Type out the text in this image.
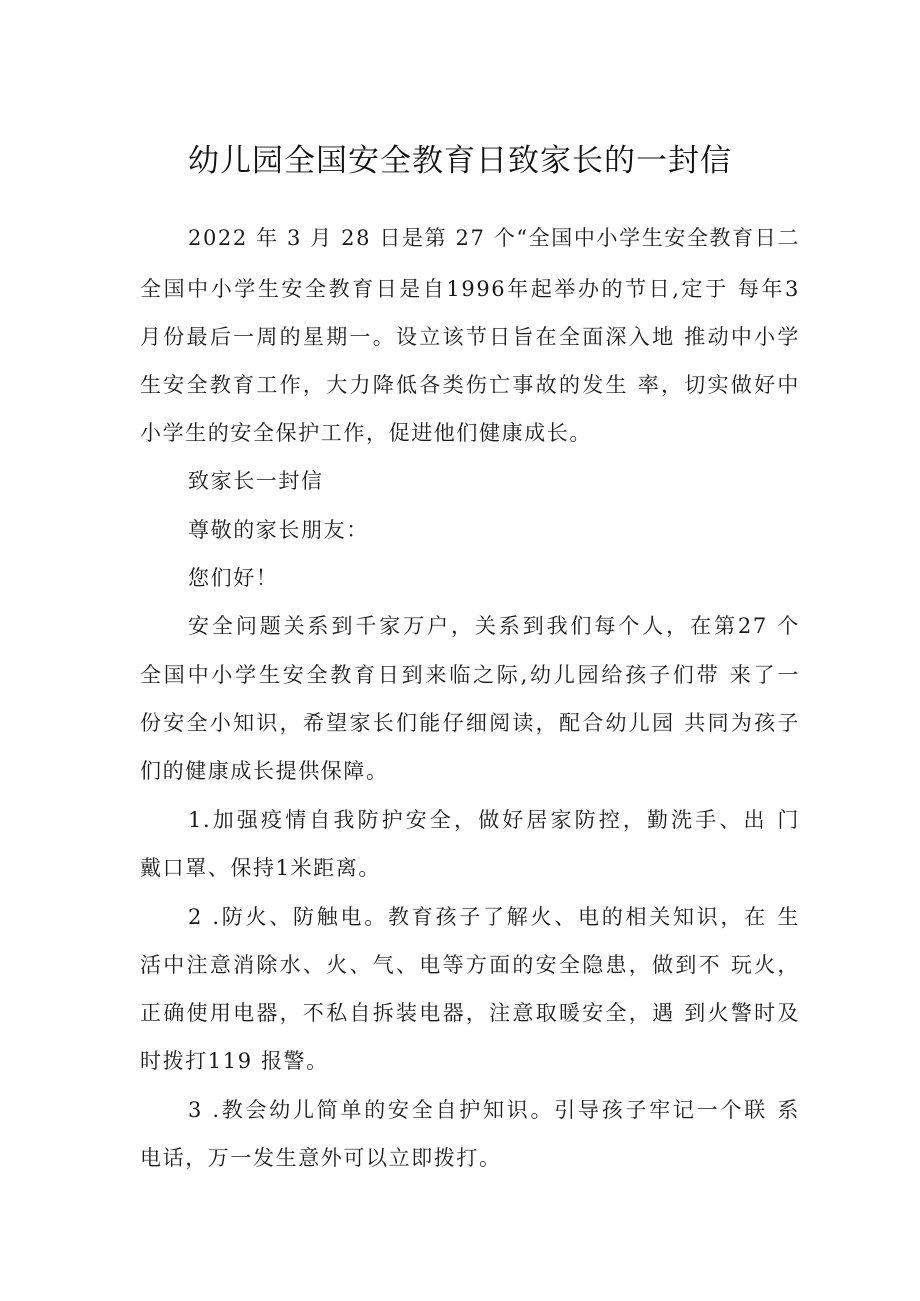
幼儿园全国安全教育日致家长的一封信
2022 年 3 月 28 日是第 27 个“全国中小学生安全教育日二
全国中小学生安全教育日是自1996年起举办的节日,定于 每年3
月份最后一周的星期一。设立该节日旨在全面深入地 推动中小学
生安全教育工作，大力降低各类伤亡事故的发生 率，切实做好中
小学生的安全保护工作，促进他们健康成长。
致家长一封信
尊敬的家长朋友：
您们好！
安全问题关系到千家万户，关系到我们每个人，在第27 个
全国中小学生安全教育日到来临之际,幼儿园给孩子们带 来了一
份安全小知识，希望家长们能仔细阅读，配合幼儿园 共同为孩子
们的健康成长提供保障。
1.加强疫情自我防护安全，做好居家防控，勤洗手、出 门
戴口罩、保持1米距离。
2 .防火、防触电。教育孩子了解火、电的相关知识，在 生
活中注意消除水、火、气、电等方面的安全隐患，做到不 玩火，
正确使用电器，不私自拆装电器，注意取暖安全，遇 到火警时及
时拨打119 报警。
3 .教会幼儿简单的安全自护知识。引导孩子牢记一个联 系
电话，万一发生意外可以立即拨打。
